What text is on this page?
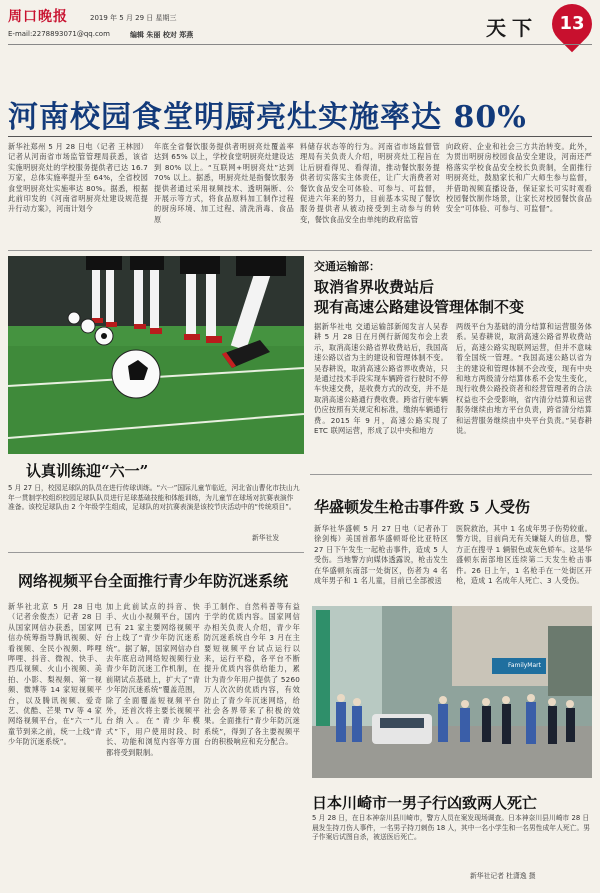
周口晚报	2019 年 5 月 29 日 星期三
E-mail:2278893071@qq.com	编辑 朱丽 校对 郑燕	天下	13
河南校园食堂明厨亮灶实施率达 80%
新华社郑州 5 月 28 日电（记者 王林园）记者从河南省市场监管管理局获悉，该省实施明厨亮灶的学校服务提供者已达 16.7 万家，总体实施率提升至 64%，全省校园食堂明厨亮灶实施率达 80%。据悉，根据此前印发的《河南省明厨亮灶建设规范提升行动方案》，河南计划今
年底全省餐饮服务提供者明厨亮灶覆盖率达到 65% 以上，学校食堂明厨亮灶建设达到 80% 以上。“互联网+明厨亮灶”达到 70% 以上。据悉，明厨亮灶是指餐饮服务提供者通过采用视频技术、透明隔断、公开展示等方式，将食品原料加工制作过程的厨房环境、加工过程、清洗消毒、食品原
料储存状态等的行为。河南省市场监督管理局有关负责人介绍，明厨亮灶工程旨在让后厨看得见、看得清，推动餐饮服务提供者切实落实主体责任，让广大消费者对餐饮食品安全可体验、可参与、可监督，促进六年来的努力，目前基本实现了餐饮服务提供者从被动接受到主动参与的转变，餐饮食品安全由单纯的政府监管
向政府、企业和社会三方共治转变。此外，为贯出明厨房校园食品安全建设，河南还严格落实学校食品安全校长负责制，全面推行明厨亮灶，鼓励家长和广大师生参与监督，并借助视频直播设备，保证家长可实时观看校园餐饮制作场景，让家长对校园餐饮食品安全“可体验、可参与、可监督”。
认真训练迎“六一”
5 月 27 日，校园足球队的队员在进行传球训练。“六一”国际儿童节临近，河北省山曹化市扶山九年一贯制学校组织校园足球队队员进行足球基础技能和体能训练，为儿童节在球场对抗赛表演作准备。该校足球队由 2 个年级学生组成，足球队的对抗赛表演是该校节庆活动中的“传统项目”。
新华社发
交通运输部：
取消省界收费站后
现有高速公路建设管理体制不变
据新华社电 交通运输部新闻发言人吴春耕 5 月 28 日在月例行新闻发布会上表示，取消高速公路省界收费站后，我国高速公路以省为主的建设和管理体制不变。吴春耕说，取消高速公路省界收费站，只是通过技术手段实现车辆跨省行驶时不停车快速交费，是收费方式的改变，并不是取消高速公路通行费收费。跨省行驶车辆仍应按照有关规定和标准，缴纳车辆通行费。2015 年 9 月，高速公路实现了 ETC 联网运营，形成了以中央和地方
两级平台为基础的清分结算和运营服务体系。吴春耕说，取消高速公路省界收费站后，高速公路实现联网运营，但并不意味着全国统一管理。“我国高速公路以省为主的建设和管理体制不会改变，现有中央和地方两级清分结算体系不会发生变化，现行收费公路投资者和经营管理者的合法权益也不会受影响，省内清分结算和运营服务继续由地方平台负责，跨省清分结算和运营服务继续由中央平台负责。”吴春耕说。
华盛顿发生枪击事件致 5 人受伤
新华社华盛顿 5 月 27 日电（记者孙丁 徐剑梅）美国首都华盛顿哥伦比亚特区 27 日下午发生一起枪击事件，造成 5 人受伤。当地警方向媒体透露说，枪击发生在华盛顿东南部一处街区，伤者为 4 名成年男子和 1 名儿童，目前已全部被送
医院救治，其中 1 名成年男子伤势较重。警方说，目前尚无有关嫌疑人的信息，警方正在搜寻 1 辆银色或灰色轿车。这是华盛顿东南部地区连续第二天发生枪击事件。26 日上午，1 名枪手在一处街区开枪，造成 1 名成年人死亡、3 人受伤。
网络视频平台全面推行青少年防沉迷系统
新华社北京 5 月 28 日电（记者余俊杰）记者 28 日从国家网信办获悉，国家网信办统筹指导腾讯视频、好看视频、全民小视频、哔哩哔哩、抖音、微视、快手、西瓜视频、火山小视频、美拍、小影、梨视频、第一视频、微博等 14 家短视频平台，以及腾讯视频、爱奇艺、优酷、芒果 TV 等 4 家网络视频平台，在“六一”儿童节到来之前，统一上线“青少年防沉迷系统”。
加上此前试点的抖音、快手、火山小视频平台，国内已有 21 家主要网络视频平台上线了“青少年防沉迷系统”。据了解，国家网信办自去年底启动网络短视频行业青少年防沉迷工作机制，在前期试点基础上，扩大了“青少年防沉迷系统”覆盖范围，除了全面覆盖短视频平台外，还首次将主要长视频平台纳入。在“青少年模式”下，用户使用时段、时长、功能和浏览内容等方面都将受到限制。
手工制作、自然科普等有益于学的优质内容。国家网信办相关负责人介绍，青少年防沉迷系统自今年 3 月在主要短视频平台试点运行以来，运行平稳，各平台不断提升优质内容供给能力，累计为青少年用户提供了 5260 万人次次的优质内容，有效防止了青少年沉迷网络，给社会各界带来了积极的效果。全面推行“青少年防沉迷系统”，得到了各主要视频平台的积极响应和充分配合。
FamilyMart
日本川崎市一男子行凶致两人死亡
5 月 28 日，在日本神奈川县川崎市，警方人员在案发现场调查。日本神奈川县川崎市 28 日晨发生持刀伤人事件，一名男子持刀刺伤 18 人，其中一名小学生和一名男性成年人死亡。男子作案后试图自杀，被送医后死亡。
新华社记者 杜潇逸 摄
